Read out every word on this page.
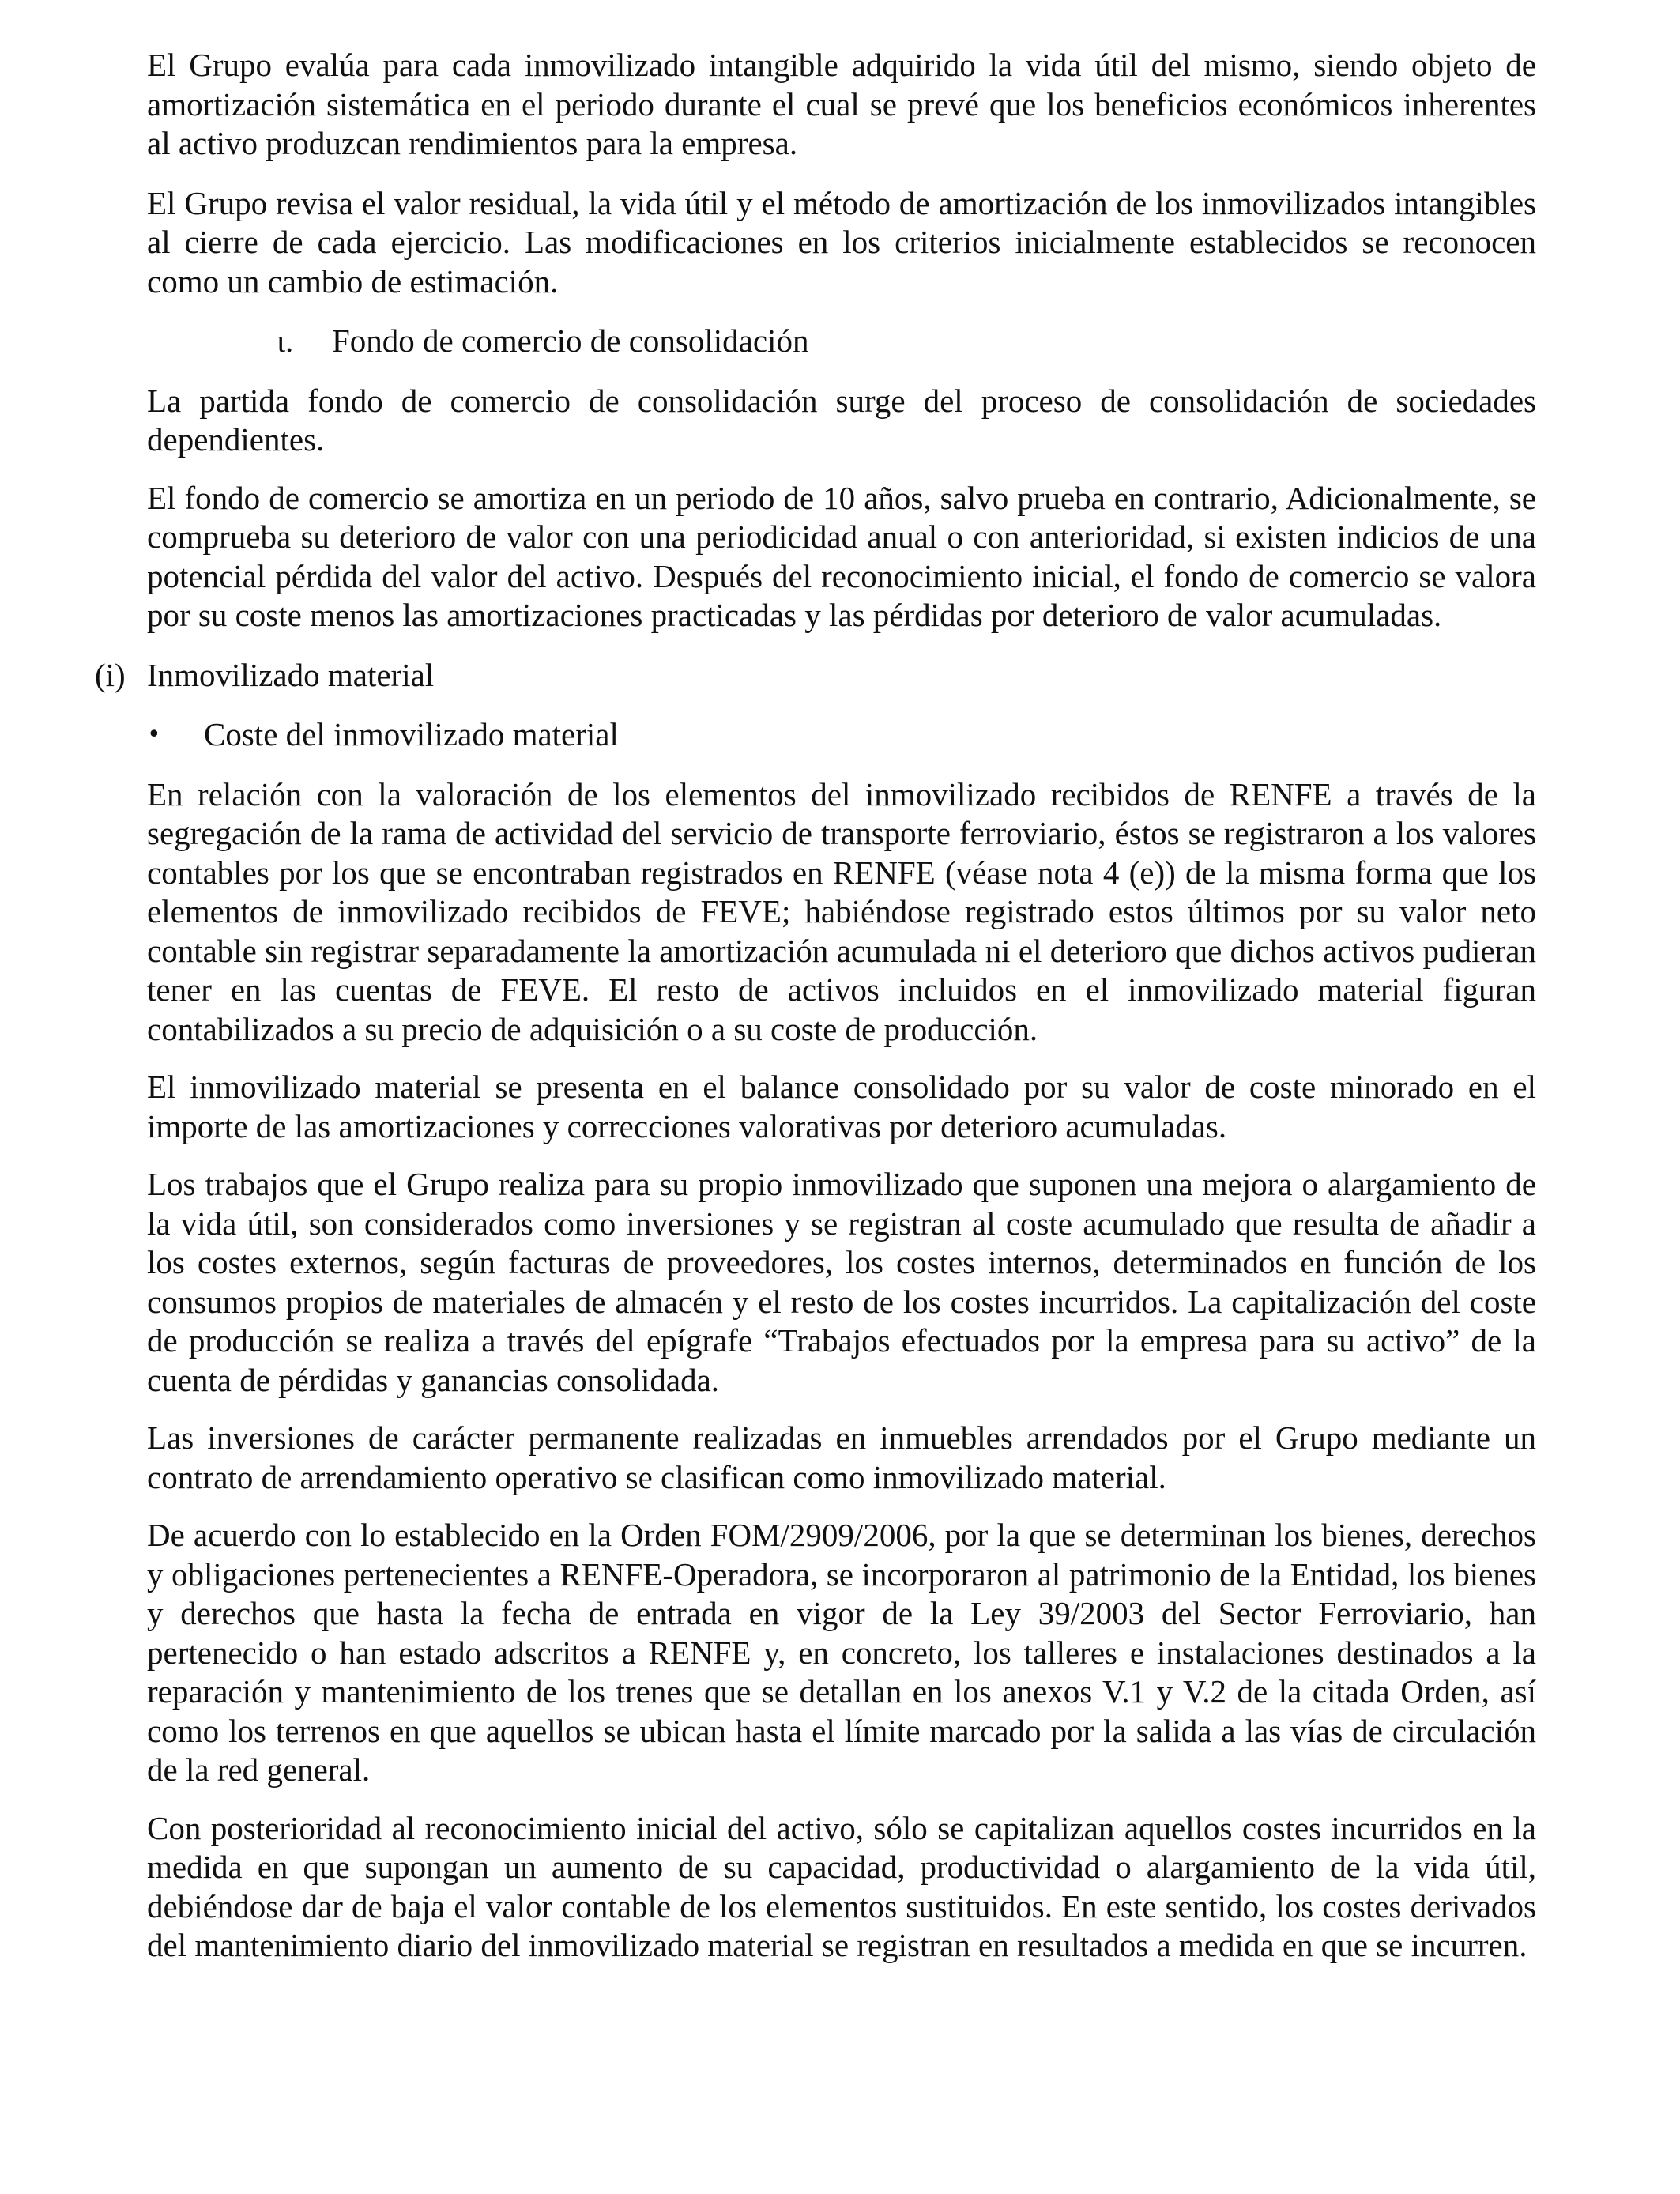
El Grupo evalúa para cada inmovilizado intangible adquirido la vida útil del mismo, siendo objeto de amortización sistemática en el periodo durante el cual se prevé que los beneficios económicos inherentes al activo produzcan rendimientos para la empresa.

El Grupo revisa el valor residual, la vida útil y el método de amortización de los inmovilizados intangibles al cierre de cada ejercicio. Las modificaciones en los criterios inicialmente establecidos se reconocen como un cambio de estimación.

ι. Fondo de comercio de consolidación

La partida fondo de comercio de consolidación surge del proceso de consolidación de sociedades dependientes.

El fondo de comercio se amortiza en un periodo de 10 años, salvo prueba en contrario, Adicionalmente, se comprueba su deterioro de valor con una periodicidad anual o con anterioridad, si existen indicios de una potencial pérdida del valor del activo. Después del reconocimiento inicial, el fondo de comercio se valora por su coste menos las amortizaciones practicadas y las pérdidas por deterioro de valor acumuladas.

(i) Inmovilizado material
• Coste del inmovilizado material

En relación con la valoración de los elementos del inmovilizado recibidos de RENFE a través de la segregación de la rama de actividad del servicio de transporte ferroviario, éstos se registraron a los valores contables por los que se encontraban registrados en RENFE (véase nota 4 (e)) de la misma forma que los elementos de inmovilizado recibidos de FEVE; habiéndose registrado estos últimos por su valor neto contable sin registrar separadamente la amortización acumulada ni el deterioro que dichos activos pudieran tener en las cuentas de FEVE. El resto de activos incluidos en el inmovilizado material figuran contabilizados a su precio de adquisición o a su coste de producción.

El inmovilizado material se presenta en el balance consolidado por su valor de coste minorado en el importe de las amortizaciones y correcciones valorativas por deterioro acumuladas.

Los trabajos que el Grupo realiza para su propio inmovilizado que suponen una mejora o alargamiento de la vida útil, son considerados como inversiones y se registran al coste acumulado que resulta de añadir a los costes externos, según facturas de proveedores, los costes internos, determinados en función de los consumos propios de materiales de almacén y el resto de los costes incurridos. La capitalización del coste de producción se realiza a través del epígrafe “Trabajos efectuados por la empresa para su activo” de la cuenta de pérdidas y ganancias consolidada.

Las inversiones de carácter permanente realizadas en inmuebles arrendados por el Grupo mediante un contrato de arrendamiento operativo se clasifican como inmovilizado material.

De acuerdo con lo establecido en la Orden FOM/2909/2006, por la que se determinan los bienes, derechos y obligaciones pertenecientes a RENFE-Operadora, se incorporaron al patrimonio de la Entidad, los bienes y derechos que hasta la fecha de entrada en vigor de la Ley 39/2003 del Sector Ferroviario, han pertenecido o han estado adscritos a RENFE y, en concreto, los talleres e instalaciones destinados a la reparación y mantenimiento de los trenes que se detallan en los anexos V.1 y V.2 de la citada Orden, así como los terrenos en que aquellos se ubican hasta el límite marcado por la salida a las vías de circulación de la red general.

Con posterioridad al reconocimiento inicial del activo, sólo se capitalizan aquellos costes incurridos en la medida en que supongan un aumento de su capacidad, productividad o alargamiento de la vida útil, debiéndose dar de baja el valor contable de los elementos sustituidos. En este sentido, los costes derivados del mantenimiento diario del inmovilizado material se registran en resultados a medida en que se incurren.
